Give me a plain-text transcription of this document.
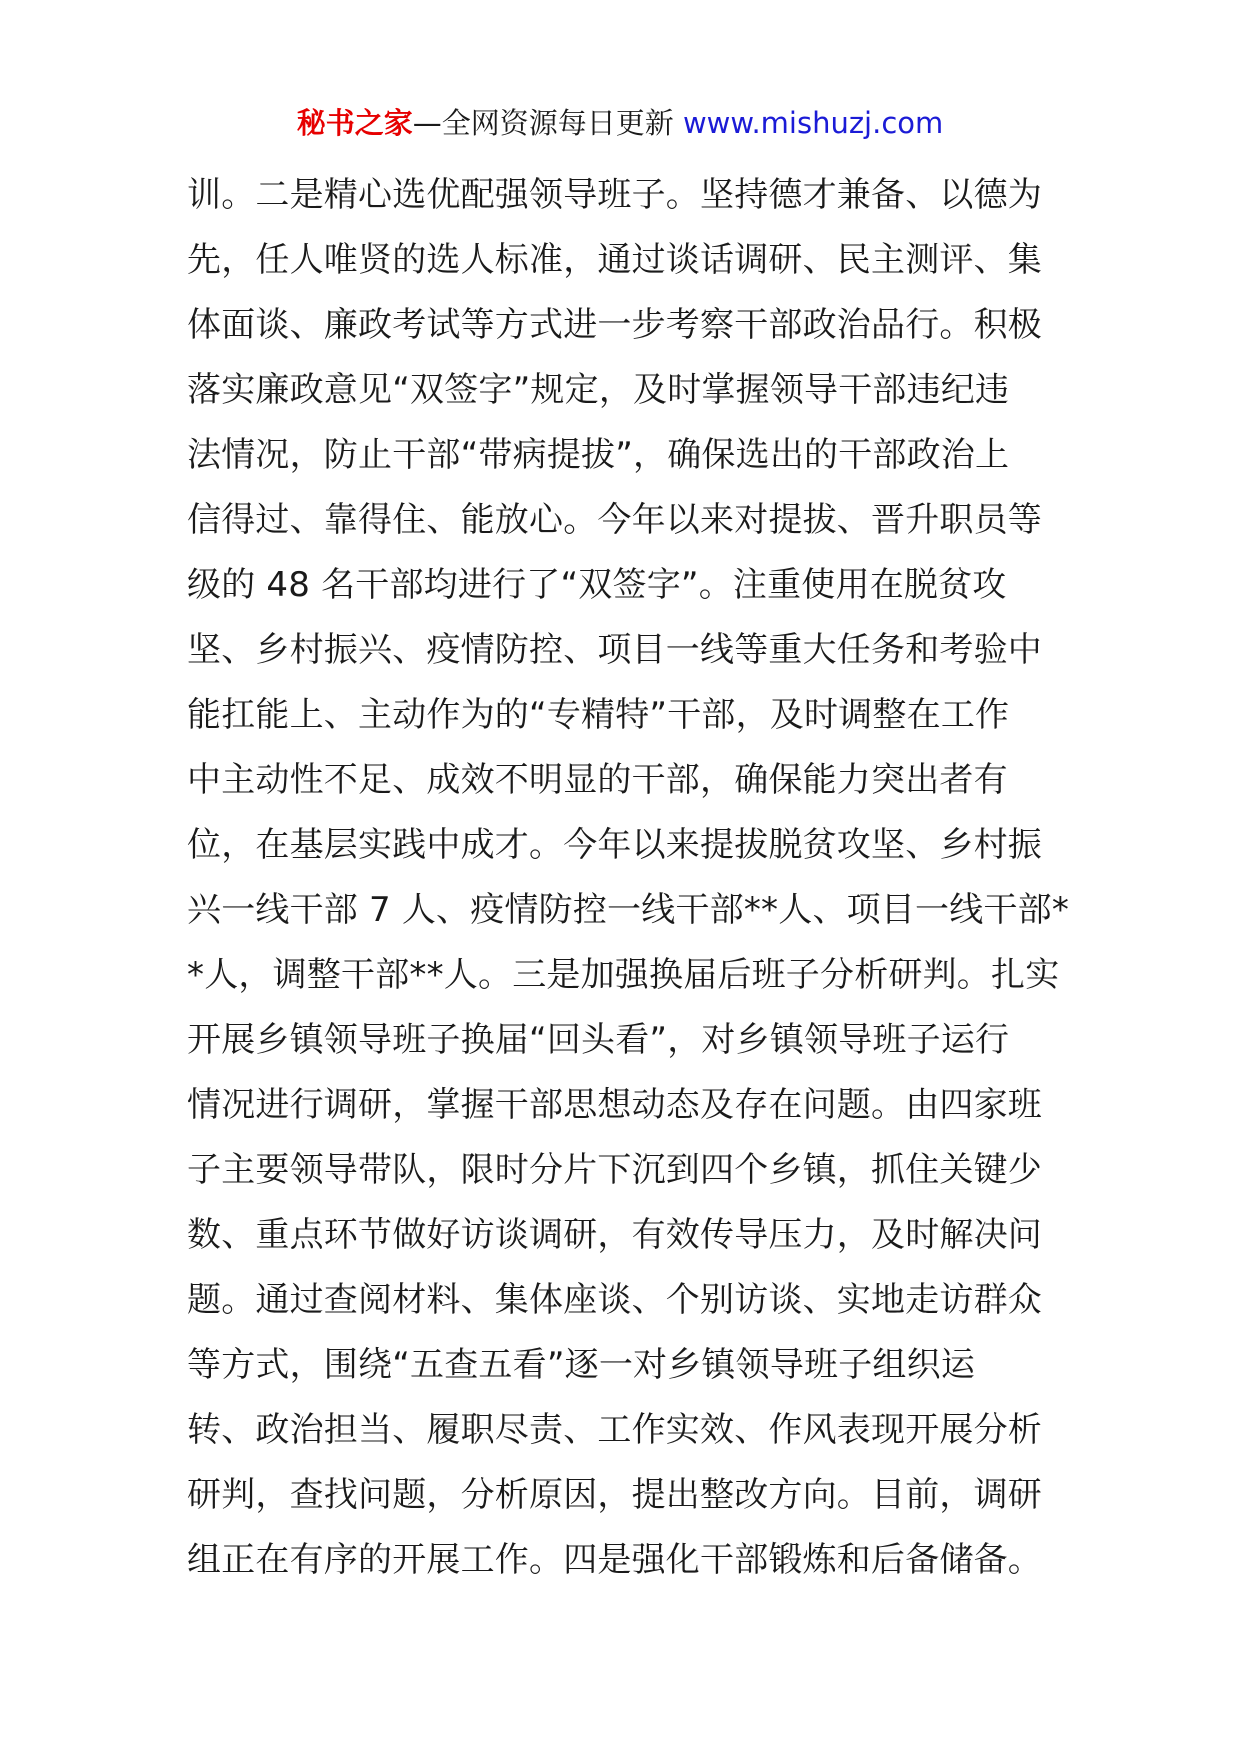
秘书之家—全网资源每日更新 www.mishuzj.com
训。二是精心选优配强领导班子。坚持德才兼备、以德为
先，任人唯贤的选人标准，通过谈话调研、民主测评、集
体面谈、廉政考试等方式进一步考察干部政治品行。积极
落实廉政意见“双签字”规定，及时掌握领导干部违纪违
法情况，防止干部“带病提拔”，确保选出的干部政治上
信得过、靠得住、能放心。今年以来对提拔、晋升职员等
级的 48 名干部均进行了“双签字”。注重使用在脱贫攻
坚、乡村振兴、疫情防控、项目一线等重大任务和考验中
能扛能上、主动作为的“专精特”干部，及时调整在工作
中主动性不足、成效不明显的干部，确保能力突出者有
位，在基层实践中成才。今年以来提拔脱贫攻坚、乡村振
兴一线干部 7 人、疫情防控一线干部**人、项目一线干部*
*人，调整干部**人。三是加强换届后班子分析研判。扎实
开展乡镇领导班子换届“回头看”，对乡镇领导班子运行
情况进行调研，掌握干部思想动态及存在问题。由四家班
子主要领导带队，限时分片下沉到四个乡镇，抓住关键少
数、重点环节做好访谈调研，有效传导压力，及时解决问
题。通过查阅材料、集体座谈、个别访谈、实地走访群众
等方式，围绕“五查五看”逐一对乡镇领导班子组织运
转、政治担当、履职尽责、工作实效、作风表现开展分析
研判，查找问题，分析原因，提出整改方向。目前，调研
组正在有序的开展工作。四是强化干部锻炼和后备储备。
